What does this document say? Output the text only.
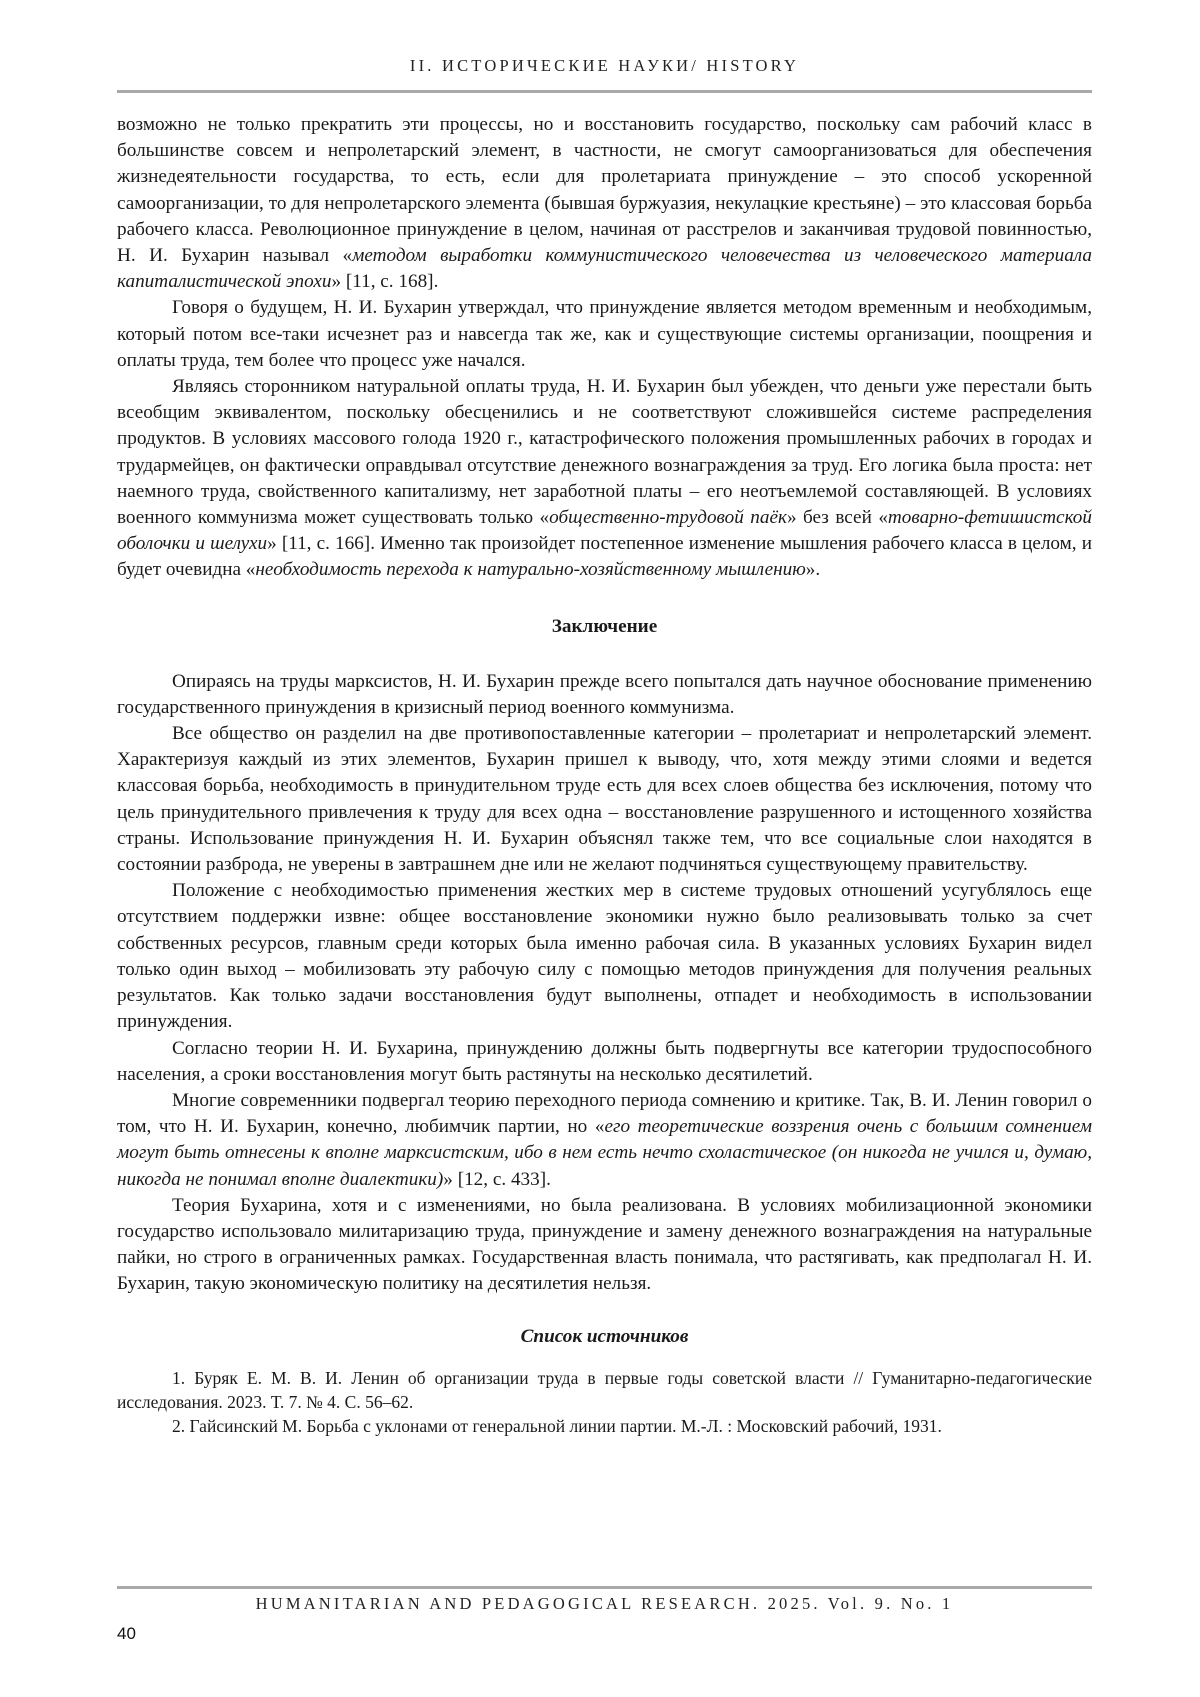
II. ИСТОРИЧЕСКИЕ НАУКИ/ HISTORY

возможно не только прекратить эти процессы, но и восстановить государство, поскольку сам рабочий класс в большинстве совсем и непролетарский элемент, в частности, не смогут самоорганизоваться для обеспечения жизнедеятельности государства, то есть, если для пролетариата принуждение – это способ ускоренной самоорганизации, то для непролетарского элемента (бывшая буржуазия, некулацкие крестьяне) – это классовая борьба рабочего класса. Революционное принуждение в целом, начиная от расстрелов и заканчивая трудовой повинностью, Н. И. Бухарин называл «методом выработки коммунистического человечества из человеческого материала капиталистической эпохи» [11, с. 168].

Говоря о будущем, Н. И. Бухарин утверждал, что принуждение является методом временным и необходимым, который потом все-таки исчезнет раз и навсегда так же, как и существующие системы организации, поощрения и оплаты труда, тем более что процесс уже начался.

Являясь сторонником натуральной оплаты труда, Н. И. Бухарин был убежден, что деньги уже перестали быть всеобщим эквивалентом, поскольку обесценились и не соответствуют сложившейся системе распределения продуктов. В условиях массового голода 1920 г., катастрофического положения промышленных рабочих в городах и трудармейцев, он фактически оправдывал отсутствие денежного вознаграждения за труд. Его логика была проста: нет наемного труда, свойственного капитализму, нет заработной платы – его неотъемлемой составляющей. В условиях военного коммунизма может существовать только «общественно-трудовой паёк» без всей «товарно-фетишистской оболочки и шелухи» [11, с. 166]. Именно так произойдет постепенное изменение мышления рабочего класса в целом, и будет очевидна «необходимость перехода к натурально-хозяйственному мышлению».

Заключение

Опираясь на труды марксистов, Н. И. Бухарин прежде всего попытался дать научное обоснование применению государственного принуждения в кризисный период военного коммунизма.

Все общество он разделил на две противопоставленные категории – пролетариат и непролетарский элемент. Характеризуя каждый из этих элементов, Бухарин пришел к выводу, что, хотя между этими слоями и ведется классовая борьба, необходимость в принудительном труде есть для всех слоев общества без исключения, потому что цель принудительного привлечения к труду для всех одна – восстановление разрушенного и истощенного хозяйства страны. Использование принуждения Н. И. Бухарин объяснял также тем, что все социальные слои находятся в состоянии разброда, не уверены в завтрашнем дне или не желают подчиняться существующему правительству.

Положение с необходимостью применения жестких мер в системе трудовых отношений усугублялось еще отсутствием поддержки извне: общее восстановление экономики нужно было реализовывать только за счет собственных ресурсов, главным среди которых была именно рабочая сила. В указанных условиях Бухарин видел только один выход – мобилизовать эту рабочую силу с помощью методов принуждения для получения реальных результатов. Как только задачи восстановления будут выполнены, отпадет и необходимость в использовании принуждения.

Согласно теории Н. И. Бухарина, принуждению должны быть подвергнуты все категории трудоспособного населения, а сроки восстановления могут быть растянуты на несколько десятилетий.

Многие современники подвергал теорию переходного периода сомнению и критике. Так, В. И. Ленин говорил о том, что Н. И. Бухарин, конечно, любимчик партии, но «его теоретические воззрения очень с большим сомнением могут быть отнесены к вполне марксистским, ибо в нем есть нечто схоластическое (он никогда не учился и, думаю, никогда не понимал вполне диалектики)» [12, с. 433].

Теория Бухарина, хотя и с изменениями, но была реализована. В условиях мобилизационной экономики государство использовало милитаризацию труда, принуждение и замену денежного вознаграждения на натуральные пайки, но строго в ограниченных рамках. Государственная власть понимала, что растягивать, как предполагал Н. И. Бухарин, такую экономическую политику на десятилетия нельзя.

Список источников

1. Буряк Е. М. В. И. Ленин об организации труда в первые годы советской власти // Гуманитарно-педагогические исследования. 2023. Т. 7. № 4. С. 56–62.

2. Гайсинский М. Борьба с уклонами от генеральной линии партии. М.-Л. : Московский рабочий, 1931.

HUMANITARIAN AND PEDAGOGICAL RESEARCH. 2025. Vol. 9. No. 1
40
